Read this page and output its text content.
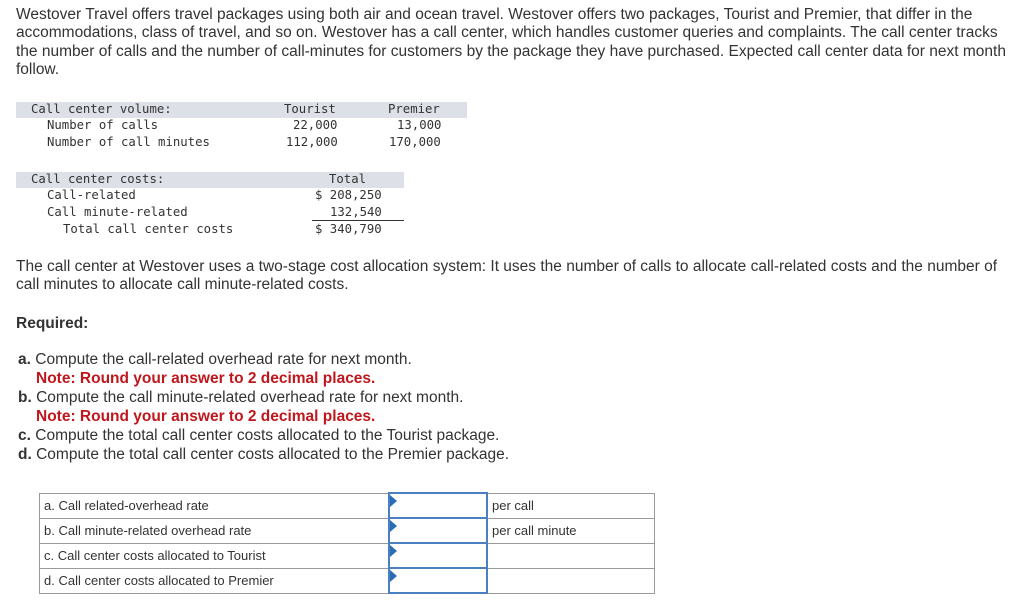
Westover Travel offers travel packages using both air and ocean travel. Westover offers two packages, Tourist and Premier, that differ in the accommodations, class of travel, and so on. Westover has a call center, which handles customer queries and complaints. The call center tracks the number of calls and the number of call-minutes for customers by the package they have purchased. Expected call center data for next month follow.
Call center volume:	Tourist	Premier
Number of calls	22,000	13,000
Number of call minutes	112,000	170,000
Call center costs:	Total
Call-related	$ 208,250
Call minute-related	132,540
Total call center costs	$ 340,790
The call center at Westover uses a two-stage cost allocation system: It uses the number of calls to allocate call-related costs and the number of call minutes to allocate call minute-related costs.
Required:
a. Compute the call-related overhead rate for next month.
Note: Round your answer to 2 decimal places.
b. Compute the call minute-related overhead rate for next month.
Note: Round your answer to 2 decimal places.
c. Compute the total call center costs allocated to the Tourist package.
d. Compute the total call center costs allocated to the Premier package.
a. Call related-overhead rate		per call
b. Call minute-related overhead rate		per call minute
c. Call center costs allocated to Tourist	

d. Call center costs allocated to Premier	
